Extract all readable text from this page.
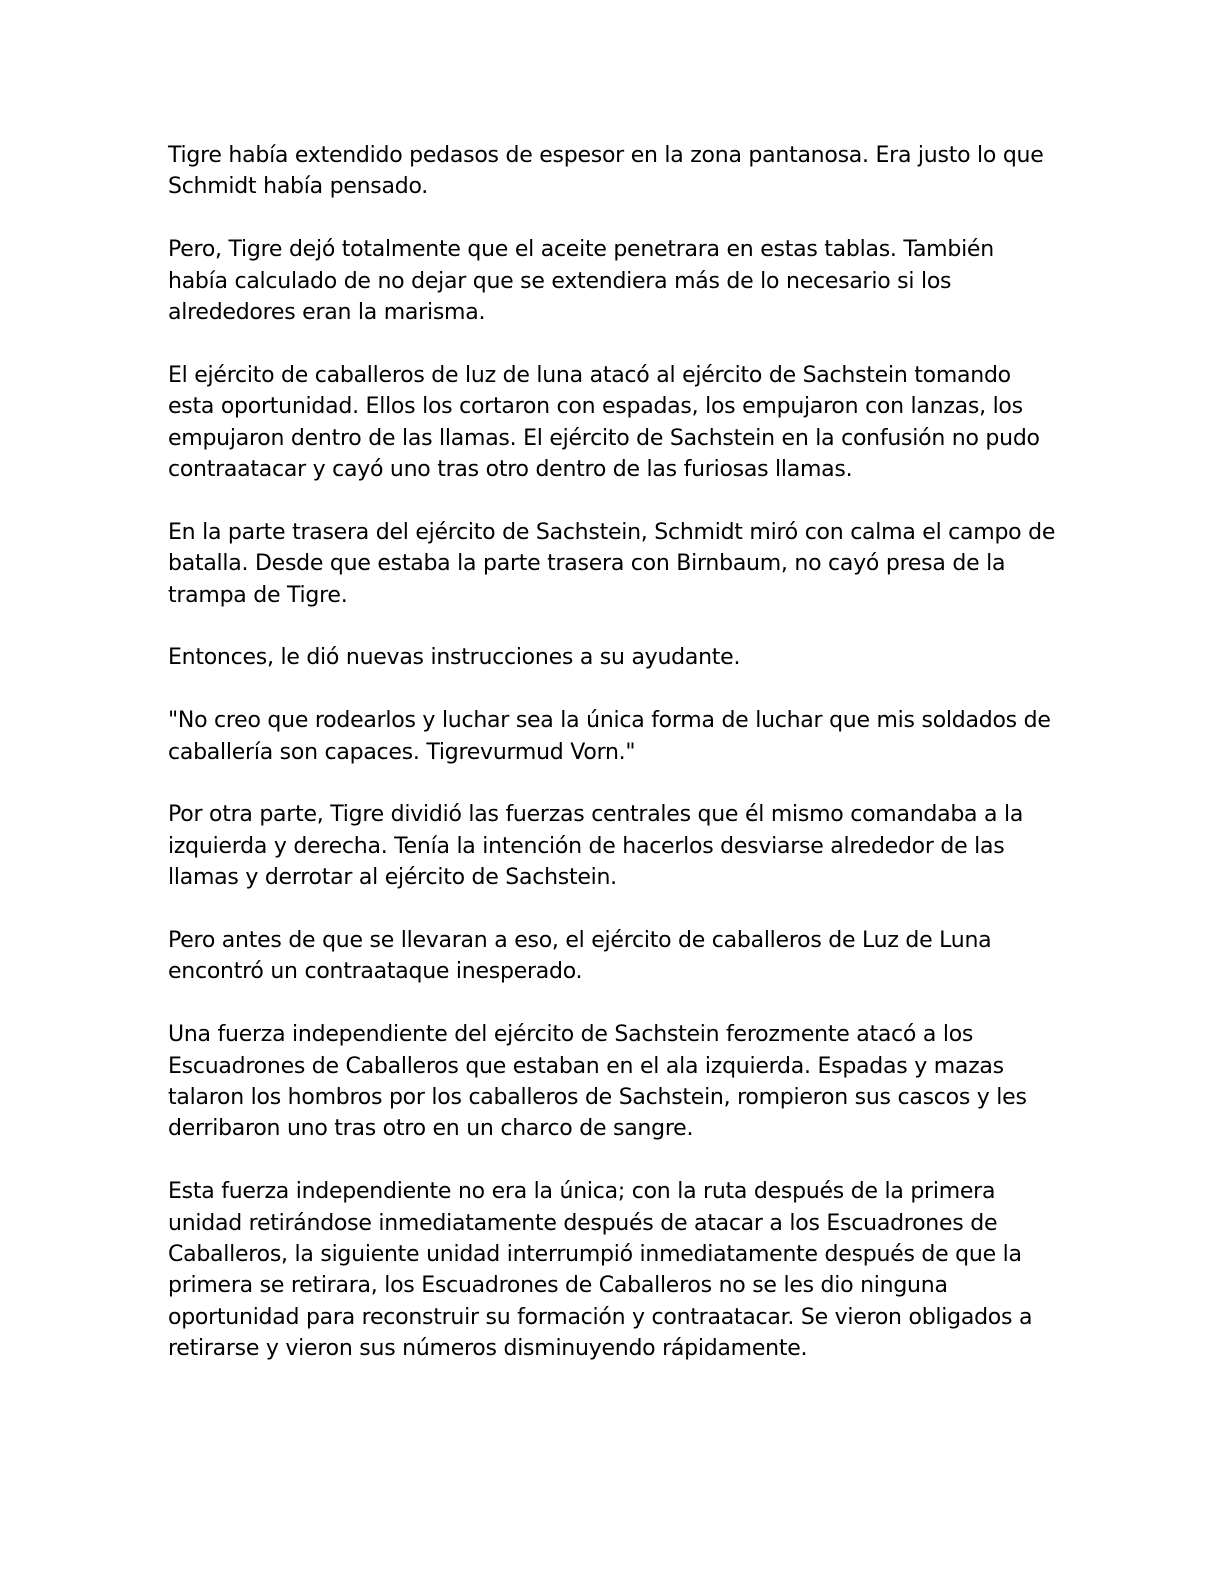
Tigre había extendido pedasos de espesor en la zona pantanosa. Era justo lo que Schmidt había pensado.

Pero, Tigre dejó totalmente que el aceite penetrara en estas tablas. También había calculado de no dejar que se extendiera más de lo necesario si los alrededores eran la marisma.

El ejército de caballeros de luz de luna atacó al ejército de Sachstein tomando esta oportunidad. Ellos los cortaron con espadas, los empujaron con lanzas, los empujaron dentro de las llamas. El ejército de Sachstein en la confusión no pudo contraatacar y cayó uno tras otro dentro de las furiosas llamas.

En la parte trasera del ejército de Sachstein, Schmidt miró con calma el campo de batalla. Desde que estaba la parte trasera con Birnbaum, no cayó presa de la trampa de Tigre.

Entonces, le dió nuevas instrucciones a su ayudante.

"No creo que rodearlos y luchar sea la única forma de luchar que mis soldados de caballería son capaces. Tigrevurmud Vorn."

Por otra parte, Tigre dividió las fuerzas centrales que él mismo comandaba a la izquierda y derecha. Tenía la intención de hacerlos desviarse alrededor de las llamas y derrotar al ejército de Sachstein.

Pero antes de que se llevaran a eso, el ejército de caballeros de Luz de Luna encontró un contraataque inesperado.

Una fuerza independiente del ejército de Sachstein ferozmente atacó a los Escuadrones de Caballeros que estaban en el ala izquierda. Espadas y mazas talaron los hombros por los caballeros de Sachstein, rompieron sus cascos y les derribaron uno tras otro en un charco de sangre.

Esta fuerza independiente no era la única; con la ruta después de la primera unidad retirándose inmediatamente después de atacar a los Escuadrones de Caballeros, la siguiente unidad interrumpió inmediatamente después de que la primera se retirara, los Escuadrones de Caballeros no se les dio ninguna oportunidad para reconstruir su formación y contraatacar. Se vieron obligados a retirarse y vieron sus números disminuyendo rápidamente.
